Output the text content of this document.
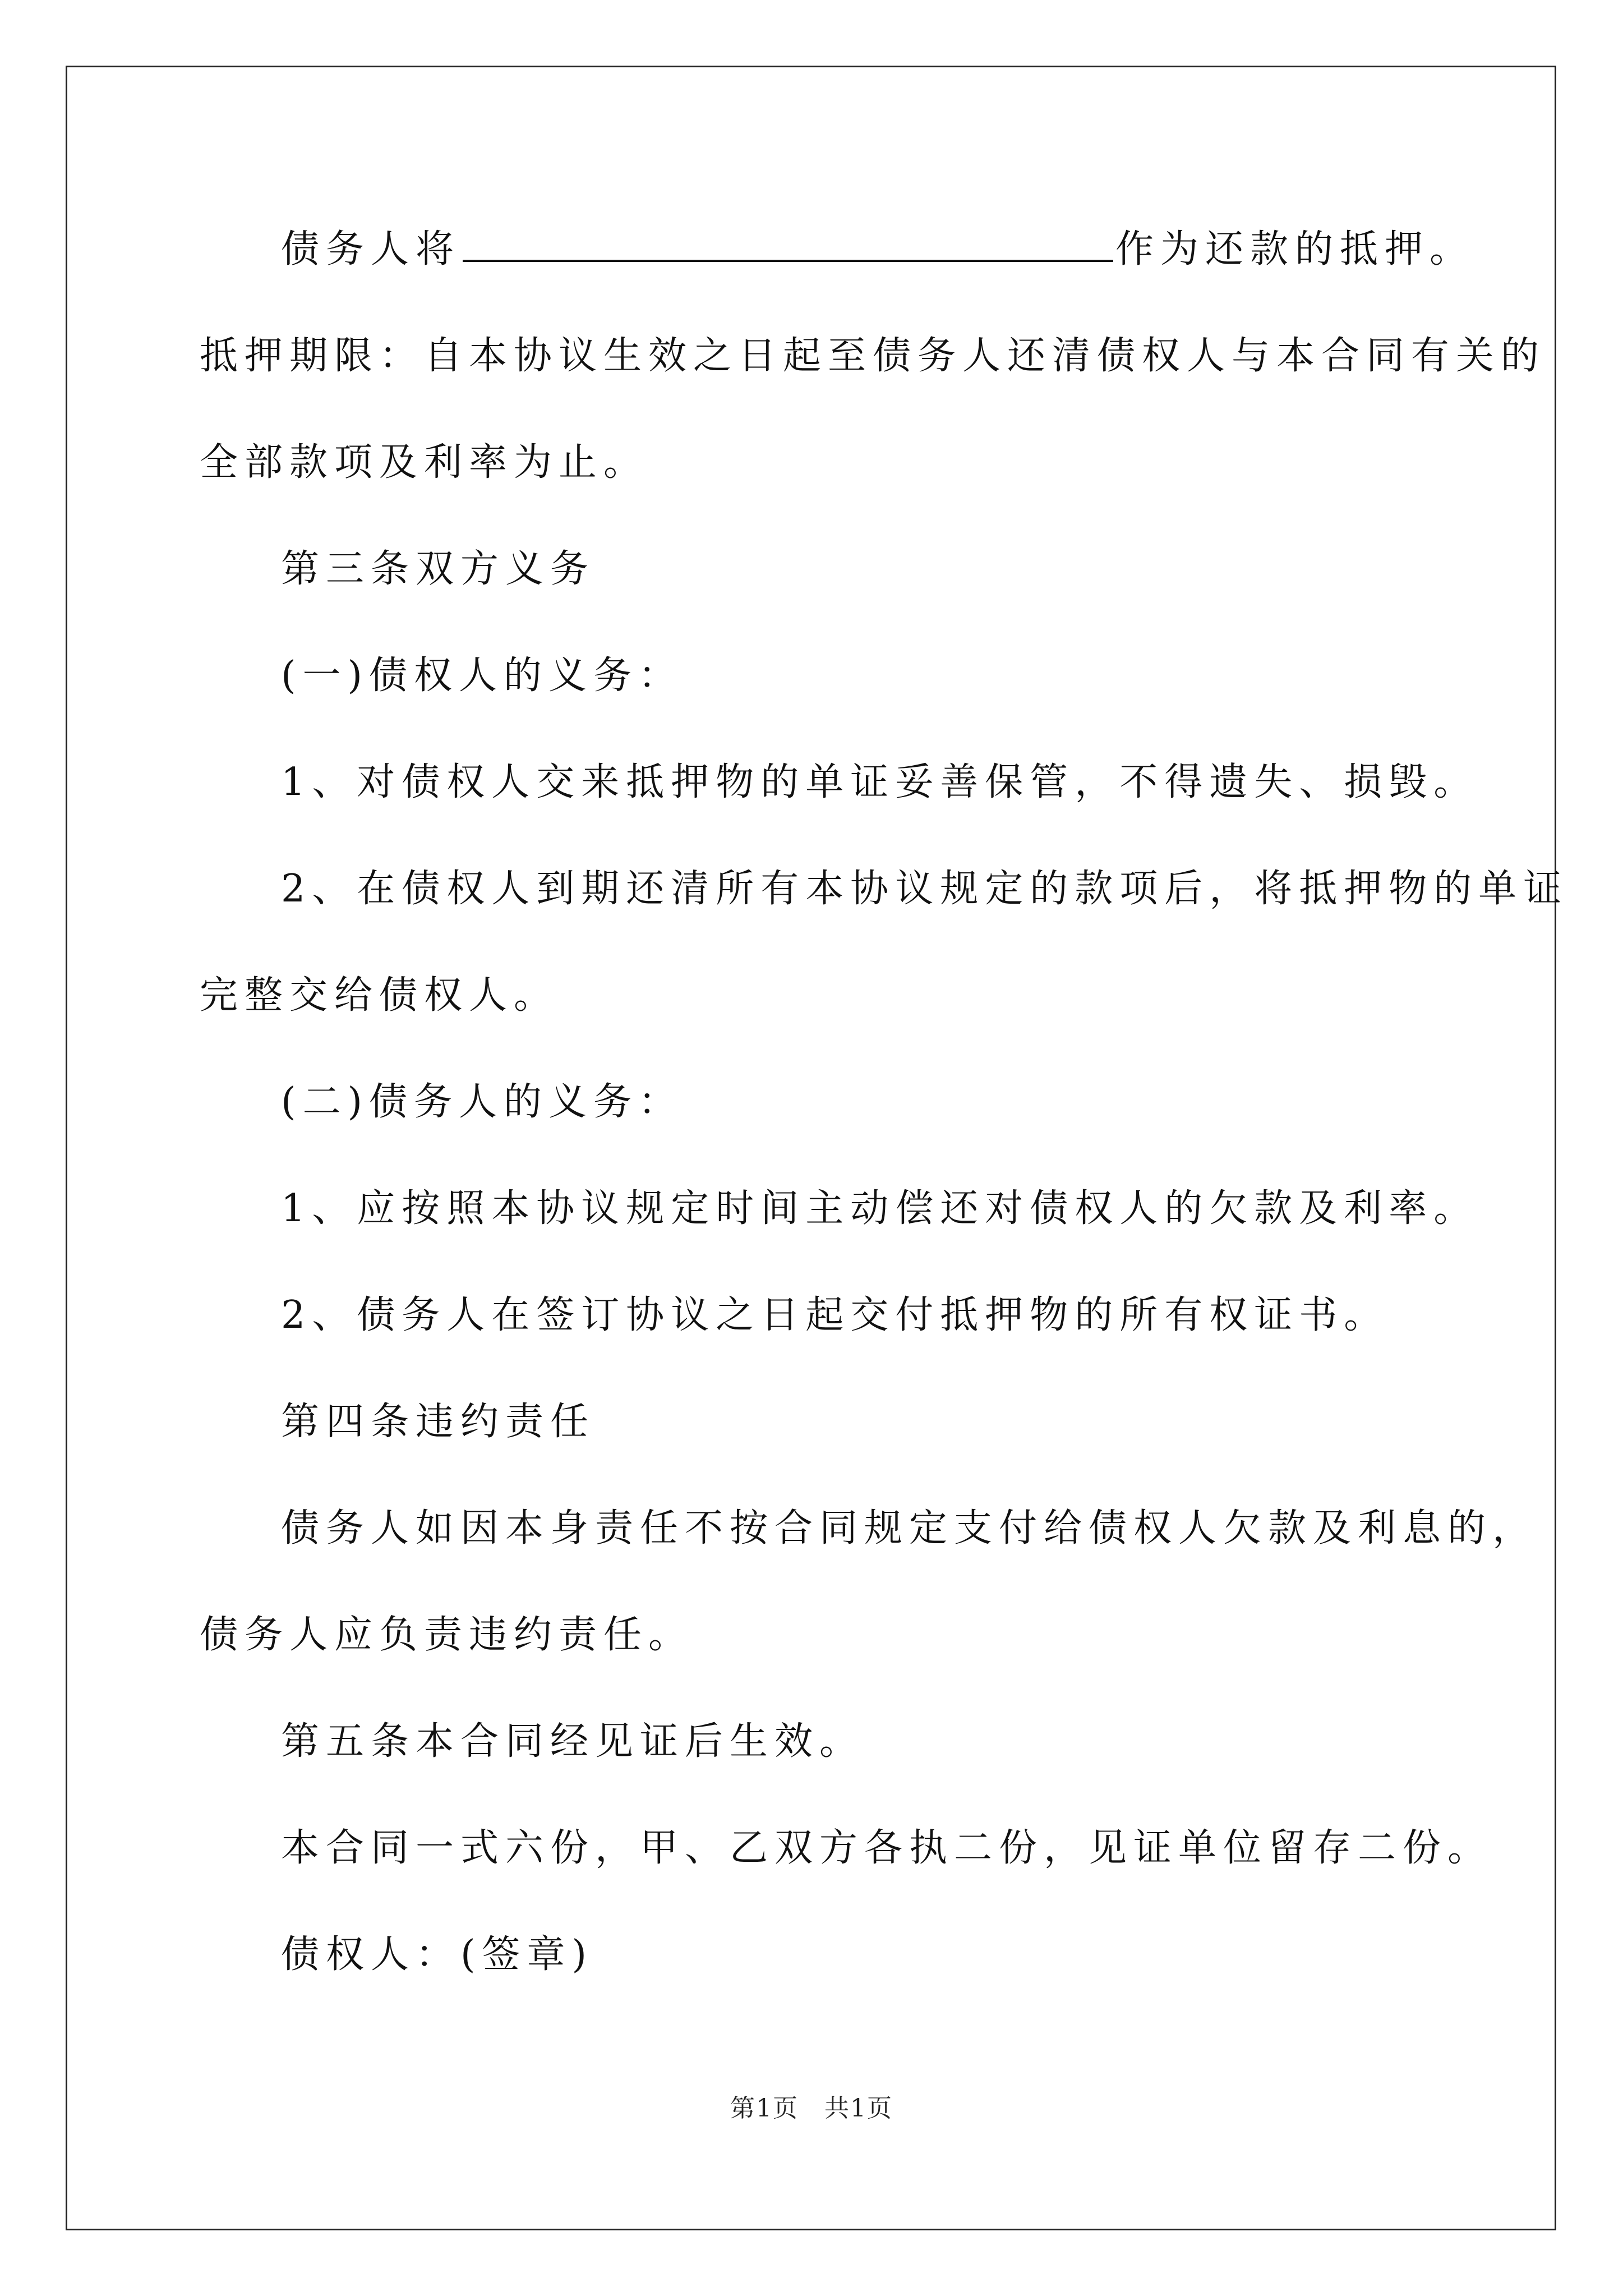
债务人将	作为还款的抵押。
抵押期限：自本协议生效之日起至债务人还清债权人与本合同有关的
全部款项及利率为止。
第三条双方义务
(一)债权人的义务：
1、对债权人交来抵押物的单证妥善保管，不得遗失、损毁。
2、在债权人到期还清所有本协议规定的款项后，将抵押物的单证
完整交给债权人。
(二)债务人的义务：
1、应按照本协议规定时间主动偿还对债权人的欠款及利率。
2、债务人在签订协议之日起交付抵押物的所有权证书。
第四条违约责任
债务人如因本身责任不按合同规定支付给债权人欠款及利息的，
债务人应负责违约责任。
第五条本合同经见证后生效。
本合同一式六份，甲、乙双方各执二份，见证单位留存二份。
债权人：(签章)
第1页　共1页
